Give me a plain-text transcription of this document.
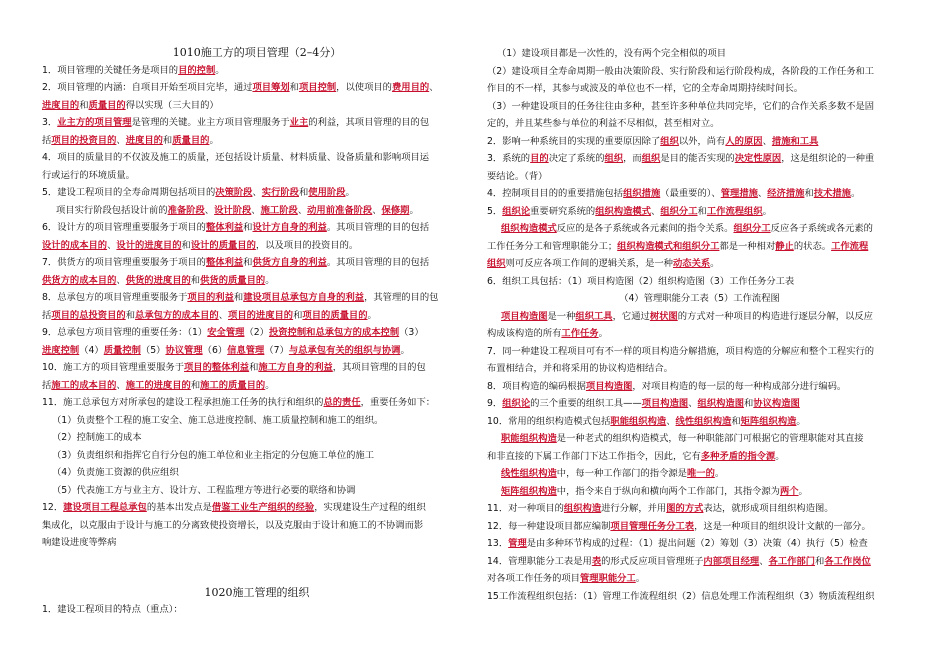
1010施工方的项目管理（2–4分）
1．项目管理的关键任务是项目的目的控制。
2．项目管理的内涵：自项目开始至项目完毕，通过项目筹划和项目控制，以使项目的费用目的、
进度目的和质量目的得以实现（三大目的）
3．业主方的项目管理是管理的关键。业主方项目管理服务于业主的利益，其项目管理的目的包
括项目的投资目的、进度目的和质量目的。
4．项目的质量目的不仅波及施工的质量，还包括设计质量、材料质量、设备质量和影响项目运
行或运行的环境质量。
5．建设工程项目的全寿命周期包括项目的决策阶段、实行阶段和使用阶段。
项目实行阶段包括设计前的准备阶段、设计阶段、施工阶段、动用前准备阶段、保修期。
6．设计方的项目管理重要服务于项目的整体利益和设计方自身的利益。其项目管理的目的包括
设计的成本目的、设计的进度目的和设计的质量目的，以及项目的投资目的。
7．供货方的项目管理重要服务于项目的整体利益和供货方自身的利益。其项目管理的目的包括
供货方的成本目的、供货的进度目的和供货的质量目的。
8．总承包方的项目管理重要服务于项目的利益和建设项目总承包方自身的利益，其管理的目的包
括项目的总投资目的和总承包方的成本目的、项目的进度目的和项目的质量目的。
9．总承包方项目管理的重要任务：（1）安全管理（2）投资控制和总承包方的成本控制（3）
进度控制（4）质量控制（5）协议管理（6）信息管理（7）与总承包有关的组织与协调。
10．施工方的项目管理重要服务于项目的整体利益和施工方自身的利益，其项目管理的目的包
括施工的成本目的、施工的进度目的和施工的质量目的。
11．施工总承包方对所承包的建设工程承担施工任务的执行和组织的总的责任，重要任务如下：
（1）负责整个工程的施工安全、施工总进度控制、施工质量控制和施工的组织。
（2）控制施工的成本
（3）负责组织和指挥它自行分包的施工单位和业主指定的分包施工单位的施工
（4）负责施工资源的供应组织
（5）代表施工方与业主方、设计方、工程监理方等进行必要的联络和协调
12．建设项目工程总承包的基本出发点是借鉴工业生产组织的经验，实现建设生产过程的组织
集成化，以克服由于设计与施工的分离致使投资增长，以及克服由于设计和施工的不协调而影
响建设进度等弊病
1020施工管理的组织
1．建设工程项目的特点（重点）：
（1）建设项目都是一次性的，没有两个完全相似的项目
（2）建设项目全寿命周期一般由决策阶段、实行阶段和运行阶段构成，各阶段的工作任务和工
作目的不一样，其参与或波及的单位也不一样，它的全寿命周期持续时间长。
（3）一种建设项目的任务往往由多种，甚至许多种单位共同完毕，它们的合作关系多数不是固
定的，并且某些参与单位的利益不尽相似，甚至相对立。
2．影响一种系统目的实现的重要原因除了组织以外，尚有人的原因、措施和工具
3．系统的目的决定了系统的组织，而组织是目的能否实现的决定性原因，这是组织论的一种重
要结论。（背）
4．控制项目目的的重要措施包括组织措施（最重要的）、管理措施、经济措施和技术措施。
5．组织论重要研究系统的组织构造模式、组织分工和工作流程组织。
组织构造模式反应的是各子系统或各元素间的指令关系。组织分工反应各子系统或各元素的
工作任务分工和管理职能分工；组织构造模式和组织分工都是一种相对静止的状态。工作流程
组织则可反应各项工作间的逻辑关系，是一种动态关系。
6．组织工具包括：（1）项目构造图（2）组织构造图（3）工作任务分工表
（4）管理职能分工表（5）工作流程图
项目构造图是一种组织工具，它通过树状图的方式对一种项目的构造进行逐层分解，以反应
构成该构造的所有工作任务。
7．同一种建设工程项目可有不一样的项目构造分解措施，项目构造的分解应和整个工程实行的
布置相结合，并和将采用的协议构造相结合。
8．项目构造的编码根据项目构造图，对项目构造的每一层的每一种构成部分进行编码。
9．组织论的三个重要的组织工具——项目构造图、组织构造图和协议构造图
10．常用的组织构造模式包括职能组织构造、线性组织构造和矩阵组织构造。
职能组织构造是一种老式的组织构造模式，每一种职能部门可根据它的管理职能对其直接
和非直接的下属工作部门下达工作指令，因此，它有多种矛盾的指令源。
线性组织构造中，每一种工作部门的指令源是唯一的。
矩阵组织构造中，指令来自于纵向和横向两个工作部门，其指令源为两个。
11．对一种项目的组织构造进行分解，并用图的方式表达，就形成项目组织构造图。
12．每一种建设项目都应编制项目管理任务分工表，这是一种项目的组织设计文献的一部分。
13．管理是由多种环节构成的过程：（1）提出问题（2）筹划（3）决策（4）执行（5）检查
14．管理职能分工表是用表的形式反应项目管理班子内部项目经理、各工作部门和各工作岗位
对各项工作任务的项目管理职能分工。
15工作流程组织包括：（1）管理工作流程组织（2）信息处理工作流程组织（3）物质流程组织
